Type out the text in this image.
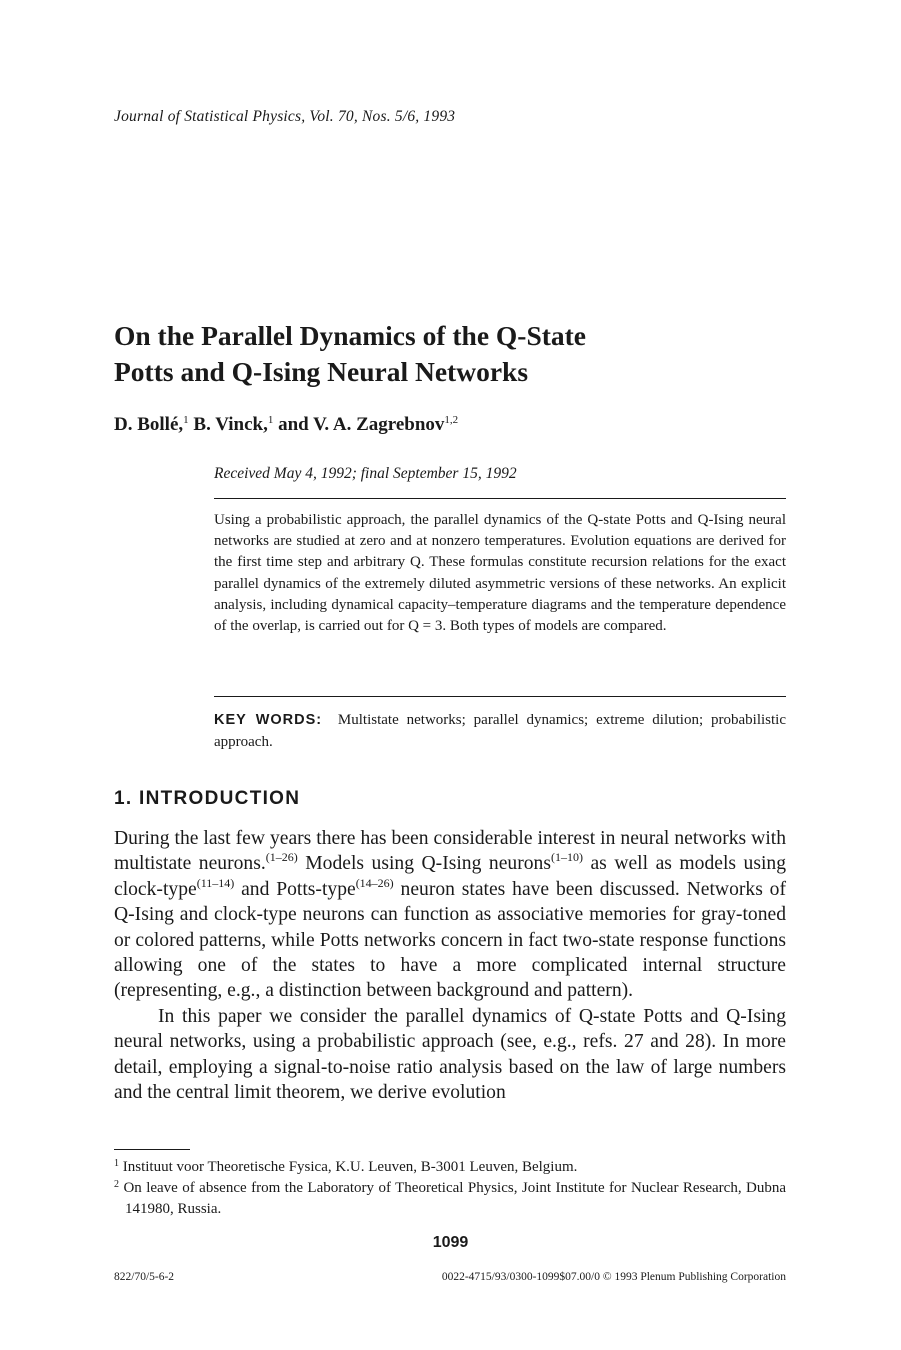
Journal of Statistical Physics, Vol. 70, Nos. 5/6, 1993
On the Parallel Dynamics of the Q-State
Potts and Q-Ising Neural Networks
D. Bollé,$^1$ B. Vinck,$^1$ and V. A. Zagrebnov$^{1,2}$
Received May 4, 1992; final September 15, 1992

Using a probabilistic approach, the parallel dynamics of the Q-state Potts and Q-Ising neural networks are studied at zero and at nonzero temperatures. Evolution equations are derived for the first time step and arbitrary Q. These formulas constitute recursion relations for the exact parallel dynamics of the extremely diluted asymmetric versions of these networks. An explicit analysis, including dynamical capacity–temperature diagrams and the temperature dependence of the overlap, is carried out for Q = 3. Both types of models are compared.

KEY WORDS: Multistate networks; parallel dynamics; extreme dilution; probabilistic approach.

1. INTRODUCTION

During the last few years there has been considerable interest in neural networks with multistate neurons.$^{(1-26)}$ Models using Q-Ising neurons$^{(1-10)}$ as well as models using clock-type$^{(11-14)}$ and Potts-type$^{(14-26)}$ neuron states have been discussed. Networks of Q-Ising and clock-type neurons can function as associative memories for gray-toned or colored patterns, while Potts networks concern in fact two-state response functions allowing one of the states to have a more complicated internal structure (representing, e.g., a distinction between background and pattern).

In this paper we consider the parallel dynamics of Q-state Potts and Q-Ising neural networks, using a probabilistic approach (see, e.g., refs. 27 and 28). In more detail, employing a signal-to-noise ratio analysis based on the law of large numbers and the central limit theorem, we derive evolution

$^1$ Instituut voor Theoretische Fysica, K.U. Leuven, B-3001 Leuven, Belgium.
$^2$ On leave of absence from the Laboratory of Theoretical Physics, Joint Institute for Nuclear Research, Dubna 141980, Russia.
1099
822/70/5-6-2	0022-4715/93/0300-1099$07.00/0 © 1993 Plenum Publishing Corporation
